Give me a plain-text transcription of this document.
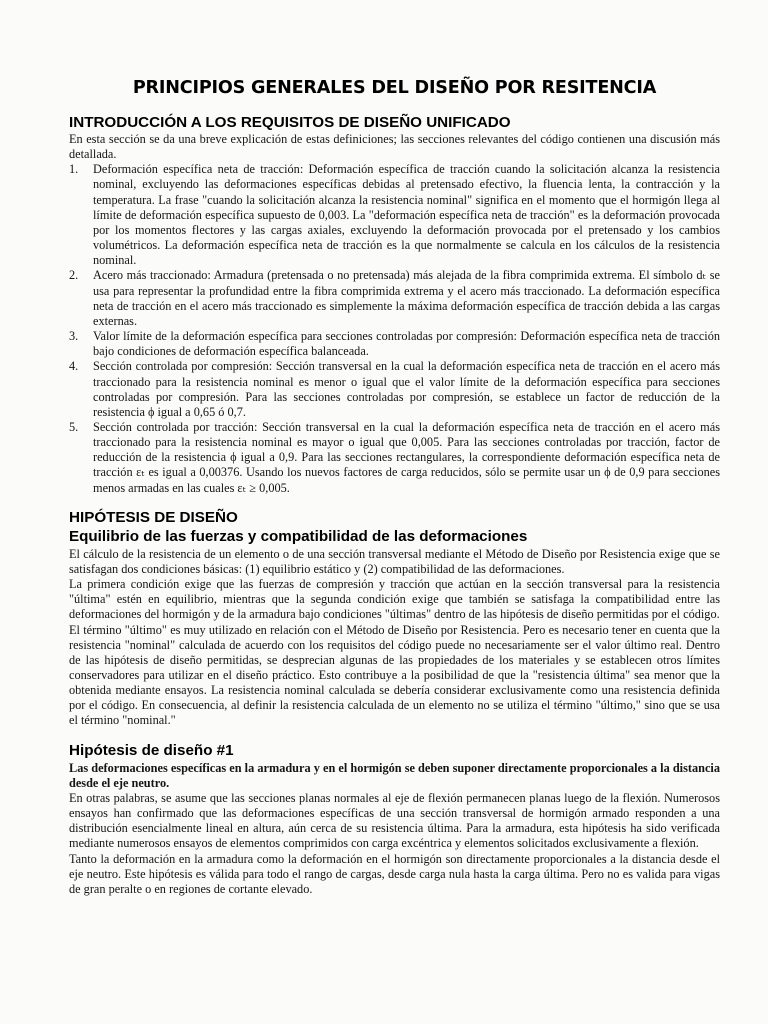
PRINCIPIOS GENERALES DEL DISEÑO POR RESITENCIA
INTRODUCCIÓN A LOS REQUISITOS DE DISEÑO UNIFICADO

En esta sección se da una breve explicación de estas definiciones; las secciones relevantes del código contienen una discusión más detallada.

1. Deformación específica neta de tracción: Deformación específica de tracción cuando la solicitación alcanza la resistencia nominal, excluyendo las deformaciones específicas debidas al pretensado efectivo, la fluencia lenta, la contracción y la temperatura. La frase "cuando la solicitación alcanza la resistencia nominal" significa en el momento que el hormigón llega al límite de deformación específica supuesto de 0,003. La "deformación específica neta de tracción" es la deformación provocada por los momentos flectores y las cargas axiales, excluyendo la deformación provocada por el pretensado y los cambios volumétricos. La deformación específica neta de tracción es la que normalmente se calcula en los cálculos de la resistencia nominal.
2. Acero más traccionado: Armadura (pretensada o no pretensada) más alejada de la fibra comprimida extrema. El símbolo dₜ se usa para representar la profundidad entre la fibra comprimida extrema y el acero más traccionado. La deformación específica neta de tracción en el acero más traccionado es simplemente la máxima deformación específica de tracción debida a las cargas externas.
3. Valor límite de la deformación específica para secciones controladas por compresión: Deformación específica neta de tracción bajo condiciones de deformación específica balanceada.
4. Sección controlada por compresión: Sección transversal en la cual la deformación específica neta de tracción en el acero más traccionado para la resistencia nominal es menor o igual que el valor límite de la deformación específica para secciones controladas por compresión. Para las secciones controladas por compresión, se establece un factor de reducción de la resistencia ϕ igual a 0,65 ó 0,7.
5. Sección controlada por tracción: Sección transversal en la cual la deformación específica neta de tracción en el acero más traccionado para la resistencia nominal es mayor o igual que 0,005. Para las secciones controladas por tracción, factor de reducción de la resistencia ϕ igual a 0,9. Para las secciones rectangulares, la correspondiente deformación específica neta de tracción εₜ es igual a 0,00376. Usando los nuevos factores de carga reducidos, sólo se permite usar un ϕ de 0,9 para secciones menos armadas en las cuales εₜ ≥ 0,005.
HIPÓTESIS DE DISEÑO
Equilibrio de las fuerzas y compatibilidad de las deformaciones

El cálculo de la resistencia de un elemento o de una sección transversal mediante el Método de Diseño por Resistencia exige que se satisfagan dos condiciones básicas: (1) equilibrio estático y (2) compatibilidad de las deformaciones.

La primera condición exige que las fuerzas de compresión y tracción que actúan en la sección transversal para la resistencia "última" estén en equilibrio, mientras que la segunda condición exige que también se satisfaga la compatibilidad entre las deformaciones del hormigón y de la armadura bajo condiciones "últimas" dentro de las hipótesis de diseño permitidas por el código.

El término "último" es muy utilizado en relación con el Método de Diseño por Resistencia. Pero es necesario tener en cuenta que la resistencia "nominal" calculada de acuerdo con los requisitos del código puede no necesariamente ser el valor último real. Dentro de las hipótesis de diseño permitidas, se desprecian algunas de las propiedades de los materiales y se establecen otros límites conservadores para utilizar en el diseño práctico. Esto contribuye a la posibilidad de que la "resistencia última" sea menor que la obtenida mediante ensayos. La resistencia nominal calculada se debería considerar exclusivamente como una resistencia definida por el código. En consecuencia, al definir la resistencia calculada de un elemento no se utiliza el término "último," sino que se usa el término "nominal."

Hipótesis de diseño #1

Las deformaciones específicas en la armadura y en el hormigón se deben suponer directamente proporcionales a la distancia desde el eje neutro.

En otras palabras, se asume que las secciones planas normales al eje de flexión permanecen planas luego de la flexión. Numerosos ensayos han confirmado que las deformaciones específicas de una sección transversal de hormigón armado responden a una distribución esencialmente lineal en altura, aún cerca de su resistencia última. Para la armadura, esta hipótesis ha sido verificada mediante numerosos ensayos de elementos comprimidos con carga excéntrica y elementos solicitados exclusivamente a flexión.

Tanto la deformación en la armadura como la deformación en el hormigón son directamente proporcionales a la distancia desde el eje neutro. Este hipótesis es válida para todo el rango de cargas, desde carga nula hasta la carga última. Pero no es valida para vigas de gran peralte o en regiones de cortante elevado.
